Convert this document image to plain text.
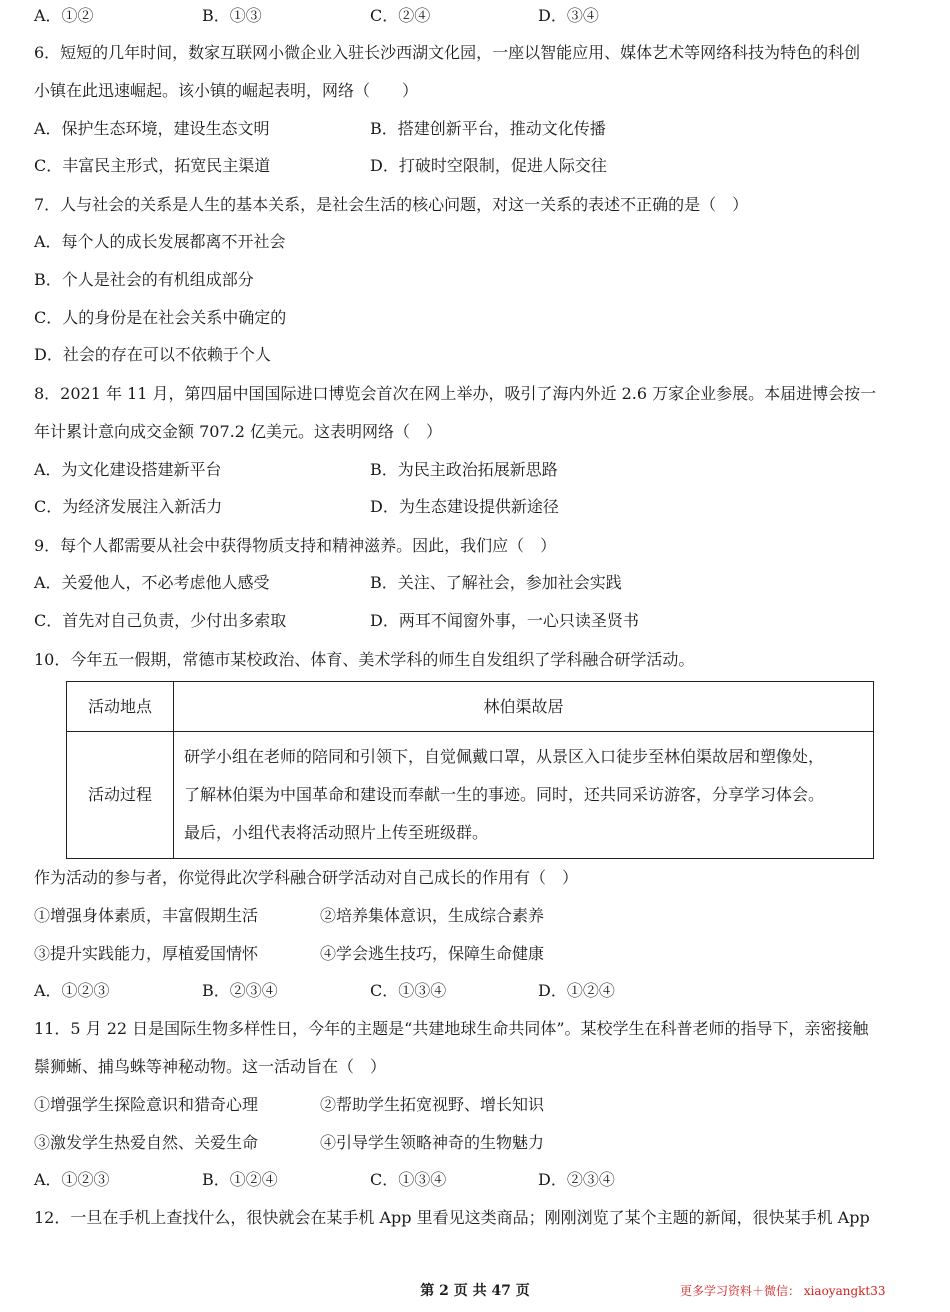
A．①②	B．①③	C．②④	D．③④
6．短短的几年时间，数家互联网小微企业入驻长沙西湖文化园，一座以智能应用、媒体艺术等网络科技为特色的科创
小镇在此迅速崛起。该小镇的崛起表明，网络（　　）
A．保护生态环境，建设生态文明	B．搭建创新平台，推动文化传播
C．丰富民主形式，拓宽民主渠道	D．打破时空限制，促进人际交往
7．人与社会的关系是人生的基本关系，是社会生活的核心问题，对这一关系的表述不正确的是（　）
A．每个人的成长发展都离不开社会
B．个人是社会的有机组成部分
C．人的身份是在社会关系中确定的
D．社会的存在可以不依赖于个人
8．2021 年 11 月，第四届中国国际进口博览会首次在网上举办，吸引了海内外近 2.6 万家企业参展。本届进博会按一
年计累计意向成交金额 707.2 亿美元。这表明网络（　）
A．为文化建设搭建新平台	B．为民主政治拓展新思路
C．为经济发展注入新活力	D．为生态建设提供新途径
9．每个人都需要从社会中获得物质支持和精神滋养。因此，我们应（　）
A．关爱他人，不必考虑他人感受	B．关注、了解社会，参加社会实践
C．首先对自己负责，少付出多索取	D．两耳不闻窗外事，一心只读圣贤书
10．今年五一假期，常德市某校政治、体育、美术学科的师生自发组织了学科融合研学活动。
活动地点	林伯渠故居
活动过程	研学小组在老师的陪同和引领下，自觉佩戴口罩，从景区入口徒步至林伯渠故居和塑像处，
了解林伯渠为中国革命和建设而奉献一生的事迹。同时，还共同采访游客，分享学习体会。
最后，小组代表将活动照片上传至班级群。
作为活动的参与者，你觉得此次学科融合研学活动对自己成长的作用有（　）
①增强身体素质，丰富假期生活	②培养集体意识，生成综合素养
③提升实践能力，厚植爱国情怀	④学会逃生技巧，保障生命健康
A．①②③	B．②③④	C．①③④	D．①②④
11．5 月 22 日是国际生物多样性日，今年的主题是“共建地球生命共同体”。某校学生在科普老师的指导下，亲密接触
鬃狮蜥、捕鸟蛛等神秘动物。这一活动旨在（　）
①增强学生探险意识和猎奇心理	②帮助学生拓宽视野、增长知识
③激发学生热爱自然、关爱生命	④引导学生领略神奇的生物魅力
A．①②③	B．①②④	C．①③④	D．②③④
12．一旦在手机上查找什么，很快就会在某手机 App 里看见这类商品；刚刚浏览了某个主题的新闻，很快某手机 App
第 2 页 共 47 页	更多学习资料＋微信： xiaoyangkt33
